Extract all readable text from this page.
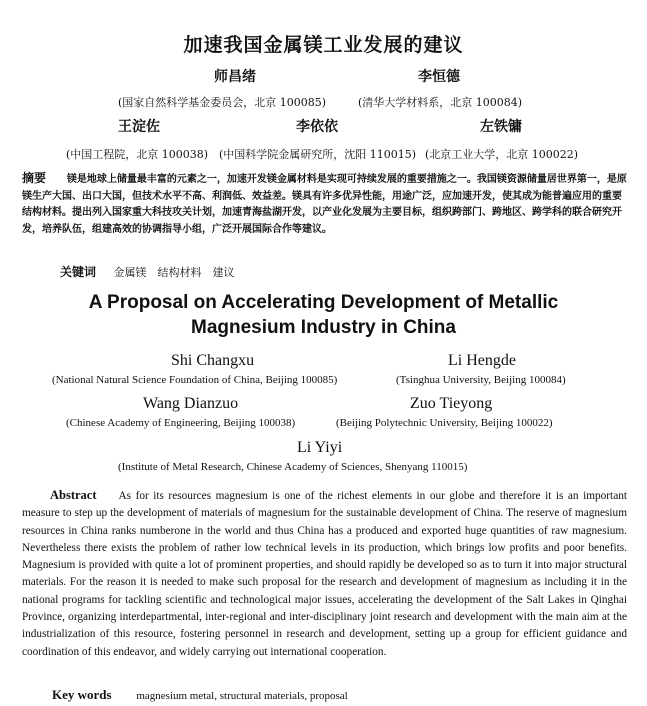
加速我国金属镁工业发展的建议
师昌绪	李恒德
(国家自然科学基金委员会，北京 100085)	(清华大学材料系，北京 100084)
王淀佐	李依依	左铁镛
(中国工程院，北京 100038) (中国科学院金属研究所，沈阳 110015) (北京工业大学，北京 100022)
摘要 镁是地球上储量最丰富的元素之一，加速开发镁金属材料是实现可持续发展的重要措施之一。我国镁资源储量居世界第一，是原镁生产大国、出口大国，但技术水平不高、利润低、效益差。镁具有许多优异性能，用途广泛，应加速开发，使其成为能普遍应用的重要结构材料。提出列入国家重大科技攻关计划，加速青海盐湖开发，以产业化发展为主要目标，组织跨部门、跨地区、跨学科的联合研究开发，培养队伍，组建高效的协调指导小组，广泛开展国际合作等建议。
关键词 金属镁　结构材料　建议
A Proposal on Accelerating Development of Metallic
Magnesium Industry in China
Shi Changxu	Li Hengde
(National Natural Science Foundation of China, Beijing 100085)	(Tsinghua University, Beijing 100084)
Wang Dianzuo	Zuo Tieyong
(Chinese Academy of Engineering, Beijing 100038)	(Beijing Polytechnic University, Beijing 100022)
Li Yiyi
(Institute of Metal Research, Chinese Academy of Sciences, Shenyang 110015)
Abstract As for its resources magnesium is one of the richest elements in our globe and therefore it is an important measure to step up the development of materials of magnesium for the sustainable development of China. The reserve of magnesium resources in China ranks numberone in the world and thus China has a produced and exported huge quantities of raw magnesium. Nevertheless there exists the problem of rather low technical levels in its production, which brings low profits and poor benefits. Magnesium is provided with quite a lot of prominent properties, and should rapidly be developed so as to turn it into major structural materials. For the reason it is needed to make such proposal for the research and development of magnesium as including it in the national programs for tackling scientific and technological major issues, accelerating the development of the Salt Lakes in Qinghai Province, organizing interdepartmental, inter-regional and inter-disciplinary joint research and development with the main aim at the industrialization of this resource, fostering personnel in research and development, setting up a group for efficient guidance and coordination of this endeavor, and widely carrying out international cooperation.
Key words magnesium metal, structural materials, proposal
